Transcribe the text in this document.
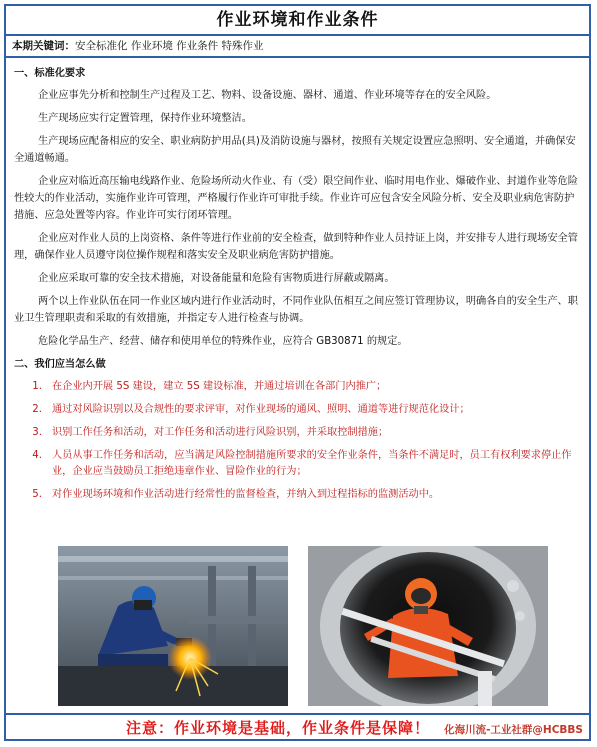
作业环境和作业条件
本期关键词：安全标准化 作业环境 作业条件 特殊作业
一、标准化要求

企业应事先分析和控制生产过程及工艺、物料、设备设施、器材、通道、作业环境等存在的安全风险。

生产现场应实行定置管理，保持作业环境整洁。

生产现场应配备相应的安全、职业病防护用品(具)及消防设施与器材，按照有关规定设置应急照明、安全通道，并确保安全通道畅通。

企业应对临近高压输电线路作业、危险场所动火作业、有（受）限空间作业、临时用电作业、爆破作业、封道作业等危险性较大的作业活动，实施作业许可管理，严格履行作业许可审批手续。作业许可应包含安全风险分析、安全及职业病危害防护措施、应急处置等内容。作业许可实行闭环管理。

企业应对作业人员的上岗资格、条件等进行作业前的安全检查，做到特种作业人员持证上岗，并安排专人进行现场安全管理，确保作业人员遵守岗位操作规程和落实安全及职业病危害防护措施。

企业应采取可靠的安全技术措施，对设备能量和危险有害物质进行屏蔽或隔离。

两个以上作业队伍在同一作业区域内进行作业活动时，不同作业队伍相互之间应签订管理协议，明确各自的安全生产、职业卫生管理职责和采取的有效措施，并指定专人进行检查与协调。

危险化学品生产、经营、储存和使用单位的特殊作业，应符合 GB30871 的规定。

二、我们应当怎么做
1. 在企业内开展 5S 建设，建立 5S 建设标准，并通过培训在各部门内推广；
2. 通过对风险识别以及合规性的要求评审，对作业现场的通风、照明、通道等进行规范化设计；
3. 识别工作任务和活动，对工作任务和活动进行风险识别，并采取控制措施；
4. 人员从事工作任务和活动，应当满足风险控制措施所要求的安全作业条件，当条件不满足时，员工有权利要求停止作业，企业应当鼓励员工拒绝违章作业、冒险作业的行为；
5. 对作业现场环境和作业活动进行经常性的监督检查，并纳入到过程指标的监测活动中。
注意：作业环境是基础，作业条件是保障！ 化海川流-工业社群@HCBBS
